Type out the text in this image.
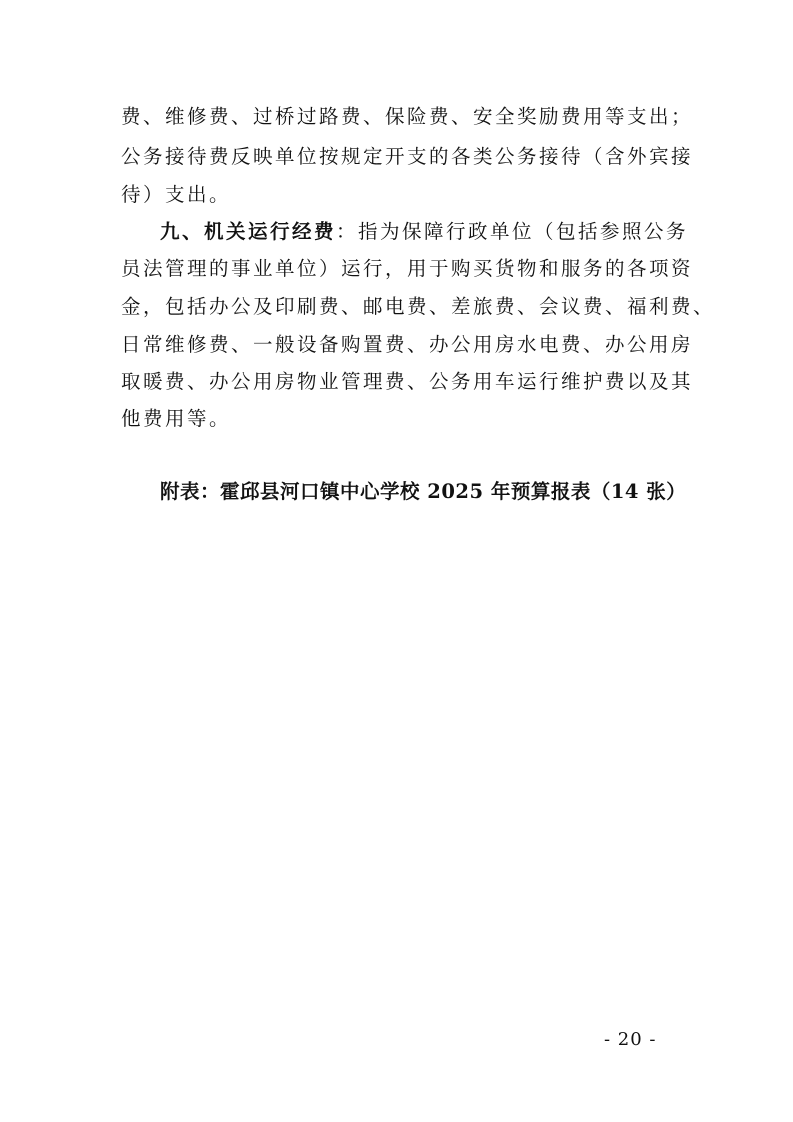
费、维修费、过桥过路费、保险费、安全奖励费用等支出；
公务接待费反映单位按规定开支的各类公务接待（含外宾接
待）支出。
九、机关运行经费：指为保障行政单位（包括参照公务
员法管理的事业单位）运行，用于购买货物和服务的各项资
金，包括办公及印刷费、邮电费、差旅费、会议费、福利费、
日常维修费、一般设备购置费、办公用房水电费、办公用房
取暖费、办公用房物业管理费、公务用车运行维护费以及其
他费用等。
附表：霍邱县河口镇中心学校 2025 年预算报表（14 张）
- 20 -
